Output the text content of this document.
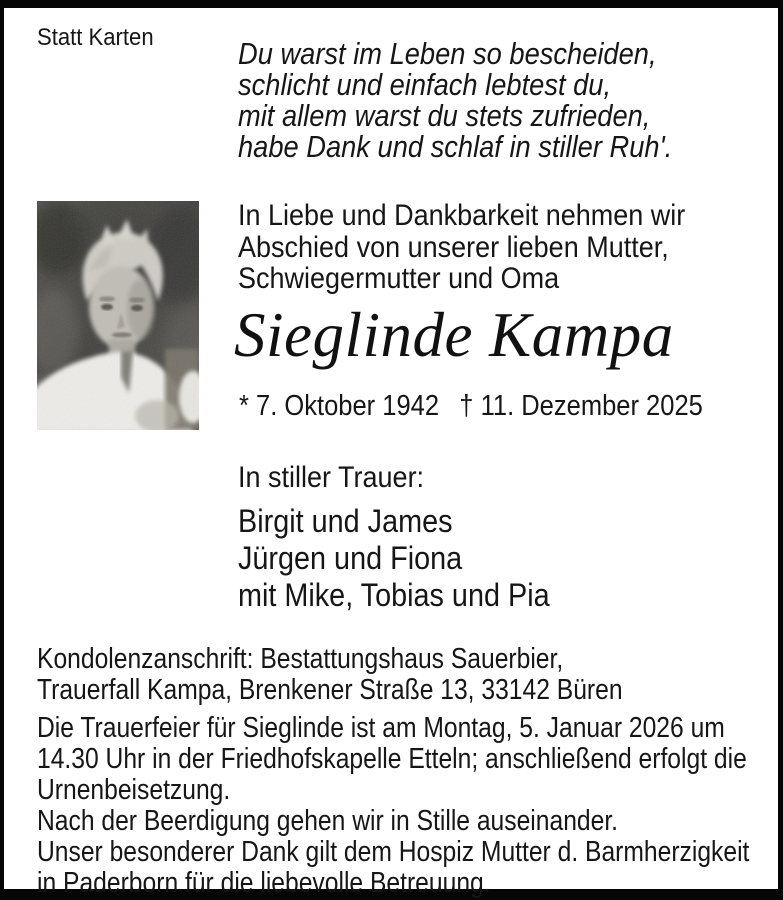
Statt Karten	Du warst im Leben so bescheiden,
schlicht und einfach lebtest du,
mit allem warst du stets zufrieden,
habe Dank und schlaf in stiller Ruh'.
In Liebe und Dankbarkeit nehmen wir
Abschied von unserer lieben Mutter,
Schwiegermutter und Oma
Sieglinde Kampa
* 7. Oktober 1942 † 11. Dezember 2025
In stiller Trauer:
Birgit und James
Jürgen und Fiona
mit Mike, Tobias und Pia

Kondolenzanschrift: Bestattungshaus Sauerbier,
Trauerfall Kampa, Brenkener Straße 13, 33142 Büren

Die Trauerfeier für Sieglinde ist am Montag, 5. Januar 2026 um
14.30 Uhr in der Friedhofskapelle Etteln; anschließend erfolgt die
Urnenbeisetzung.

Nach der Beerdigung gehen wir in Stille auseinander.

Unser besonderer Dank gilt dem Hospiz Mutter d. Barmherzigkeit
in Paderborn für die liebevolle Betreuung.
